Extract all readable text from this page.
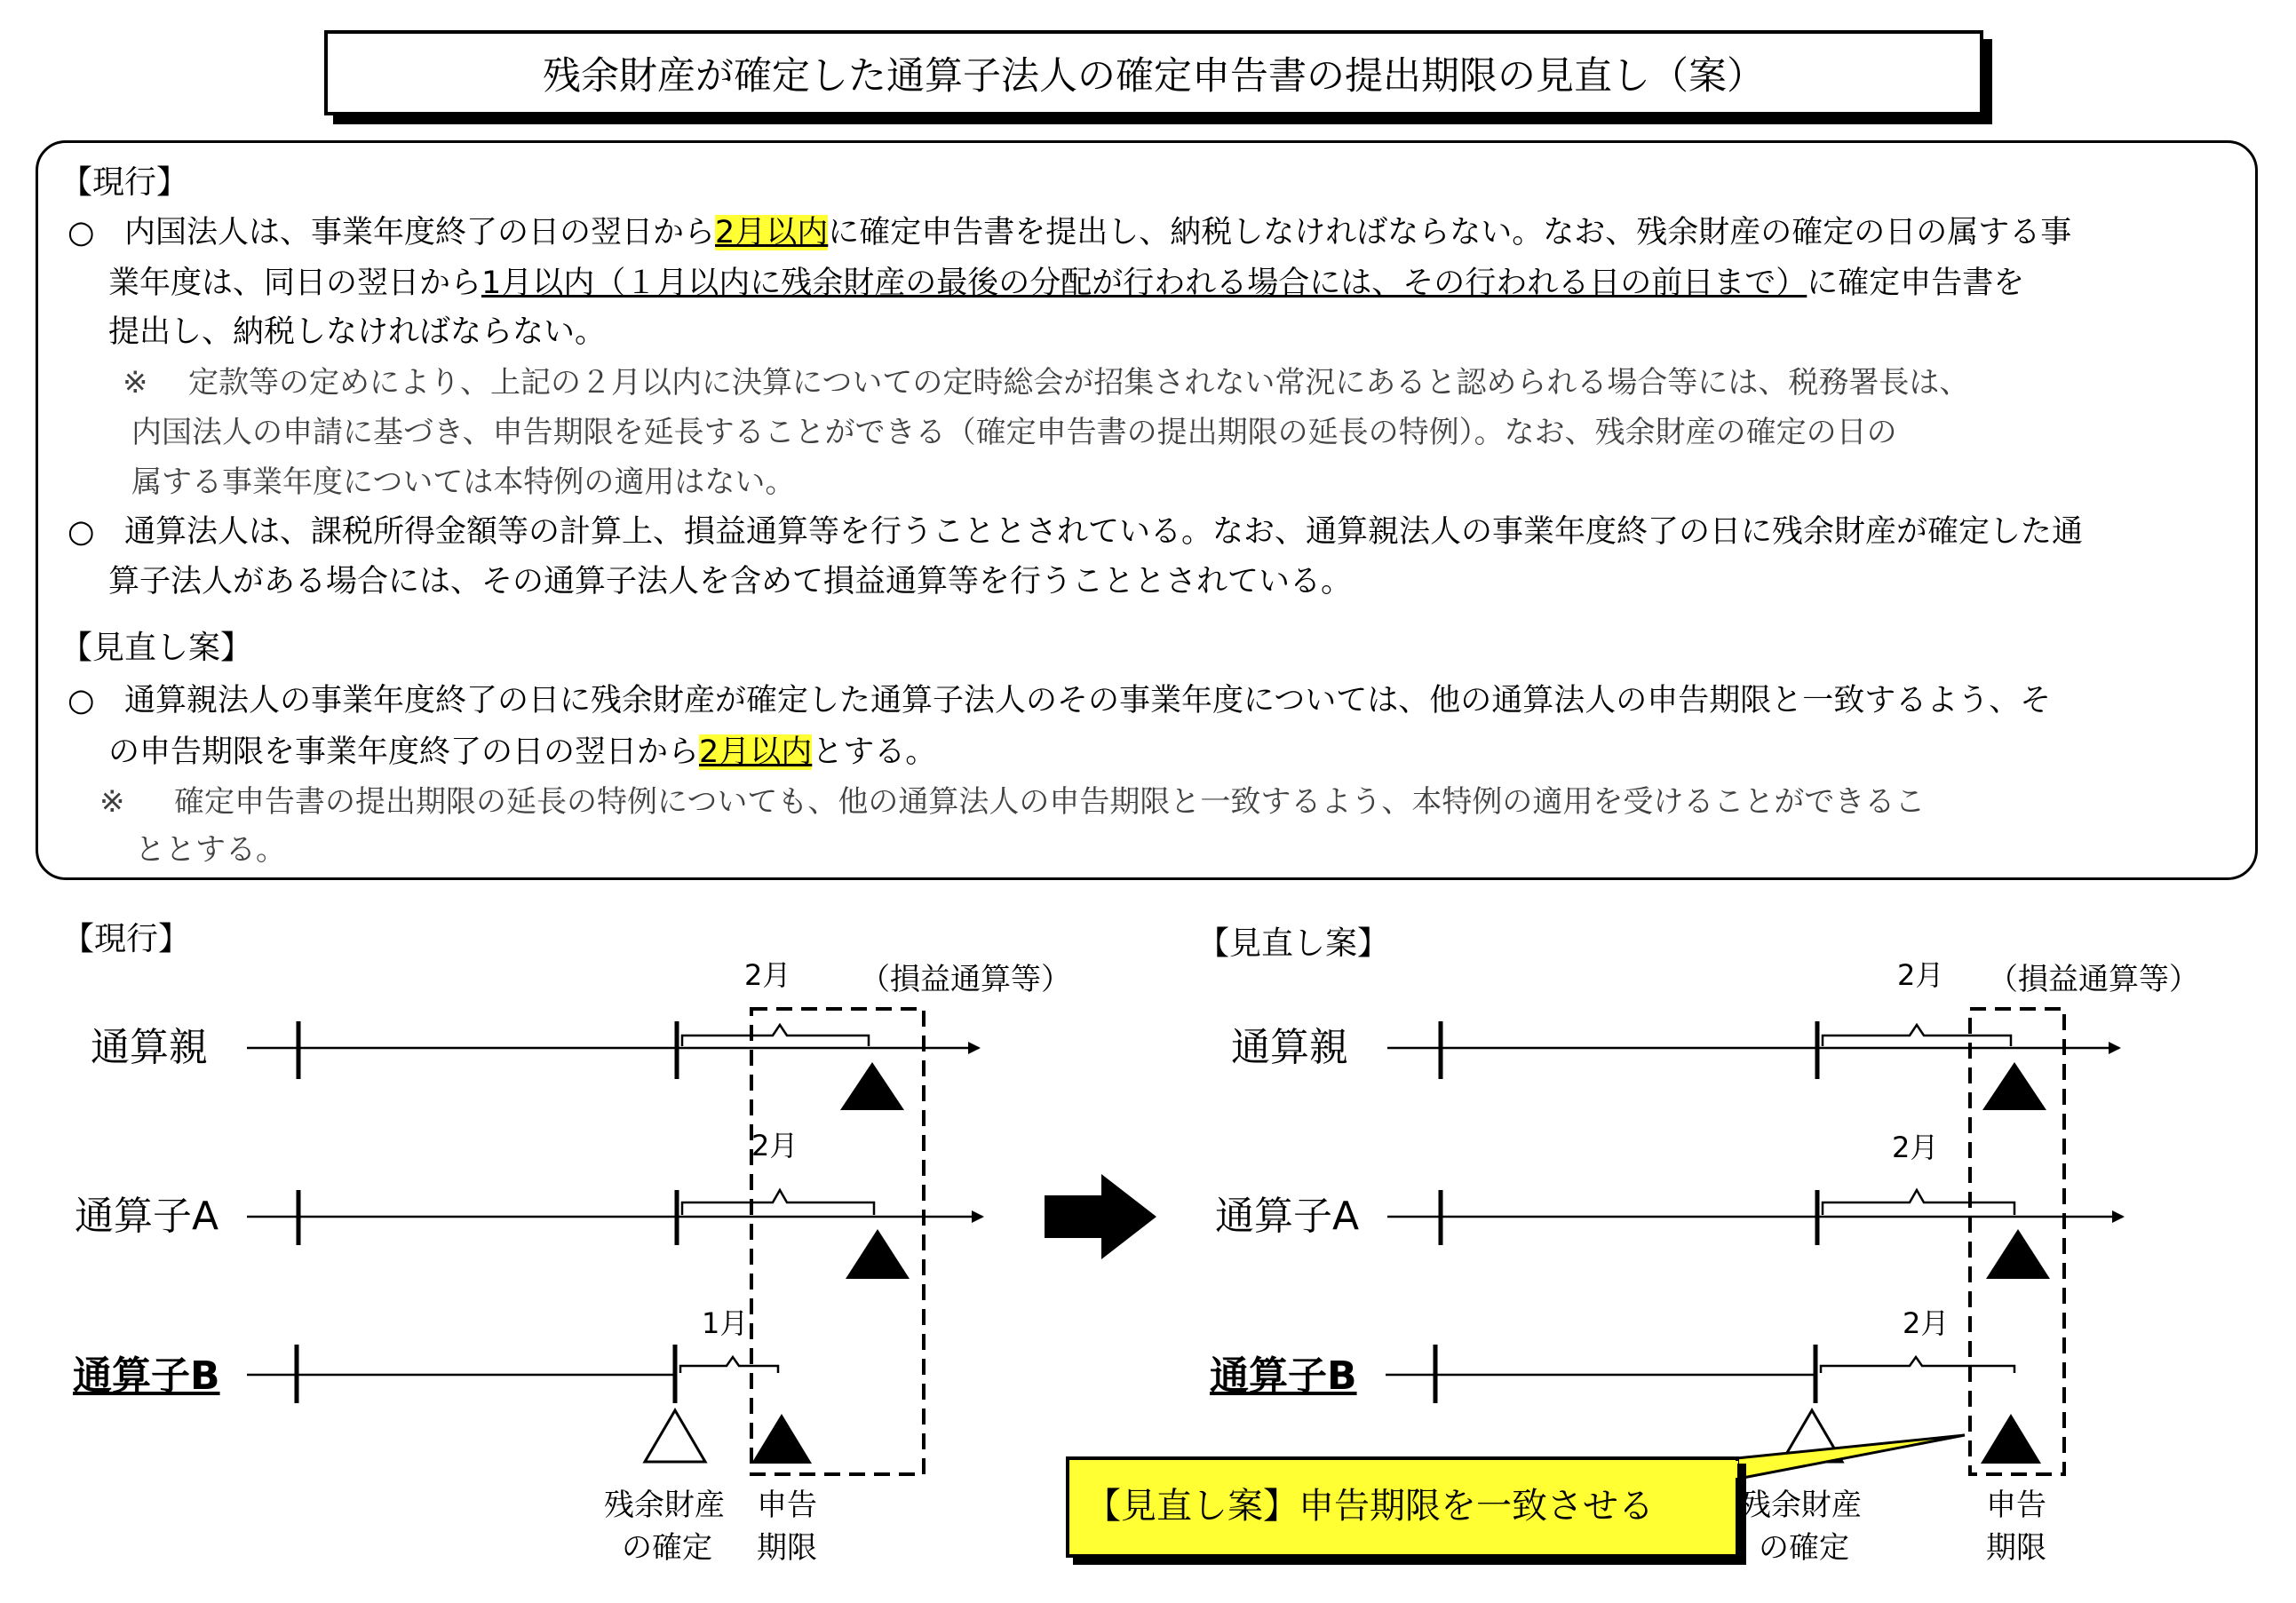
残余財産が確定した通算子法人の確定申告書の提出期限の見直し（案）
【現行】
○ 内国法人は、事業年度終了の日の翌日から2月以内に確定申告書を提出し、納税しなければならない。なお、残余財産の確定の日の属する事
業年度は、同日の翌日から1月以内（１月以内に残余財産の最後の分配が行われる場合には、その行われる日の前日まで）に確定申告書を
提出し、納税しなければならない。
※ 定款等の定めにより、上記の２月以内に決算についての定時総会が招集されない常況にあると認められる場合等には、税務署長は、
内国法人の申請に基づき、申告期限を延長することができる（確定申告書の提出期限の延長の特例）。なお、残余財産の確定の日の
属する事業年度については本特例の適用はない。
○ 通算法人は、課税所得金額等の計算上、損益通算等を行うこととされている。なお、通算親法人の事業年度終了の日に残余財産が確定した通
算子法人がある場合には、その通算子法人を含めて損益通算等を行うこととされている。
【見直し案】
○ 通算親法人の事業年度終了の日に残余財産が確定した通算子法人のその事業年度については、他の通算法人の申告期限と一致するよう、そ
の申告期限を事業年度終了の日の翌日から2月以内とする。
※ 確定申告書の提出期限の延長の特例についても、他の通算法人の申告期限と一致するよう、本特例の適用を受けることができるこ
ととする。
【現行】	【見直し案】
通算親
通算子A
通算子B
2月 （損益通算等）
2月
1月
残余財産
の確定
申告
期限
通算親
通算子A
通算子B
2月 （損益通算等）
2月
2月
残余財産
の確定
申告
期限
【見直し案】申告期限を一致させる
